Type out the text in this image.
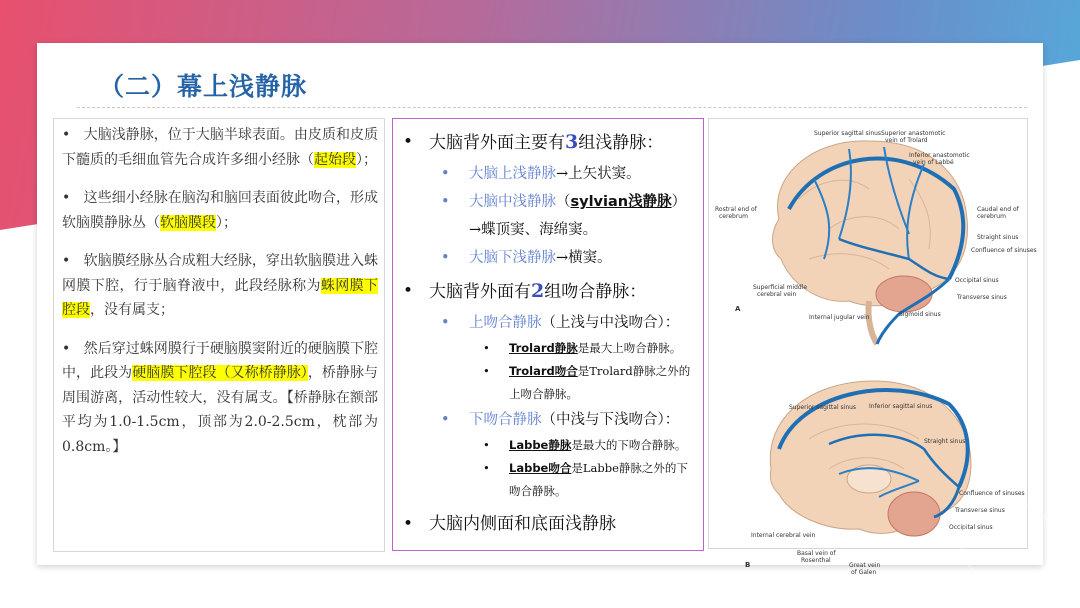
（二）幕上浅静脉

• 大脑浅静脉，位于大脑半球表面。由皮质和皮质下髓质的毛细血管先合成许多细小经脉（起始段）；

• 这些细小经脉在脑沟和脑回表面彼此吻合，形成软脑膜静脉丛（软脑膜段）；

• 软脑膜经脉丛合成粗大经脉，穿出软脑膜进入蛛网膜下腔，行于脑脊液中，此段经脉称为蛛网膜下腔段，没有属支；

• 然后穿过蛛网膜行于硬脑膜窦附近的硬脑膜下腔中，此段为硬脑膜下腔段（又称桥静脉），桥静脉与周围游离，活动性较大，没有属支。【桥静脉在额部平均为1.0-1.5cm，顶部为2.0-2.5cm，枕部为0.8cm。】

• 大脑背外面主要有3组浅静脉：
• 大脑上浅静脉→上矢状窦。
• 大脑中浅静脉（sylvian浅静脉）
→蝶顶窦、海绵窦。
• 大脑下浅静脉→横窦。
• 大脑背外面有2组吻合静脉：
• 上吻合静脉（上浅与中浅吻合）：
• Trolard静脉是最大上吻合静脉。
• Trolard吻合是Trolard静脉之外的上吻合静脉。
• 下吻合静脉（中浅与下浅吻合）：
• Labbe静脉是最大的下吻合静脉。
• Labbe吻合是Labbe静脉之外的下吻合静脉。
• 大脑内侧面和底面浅静脉
Superior sagittal sinus Superior anastomotic
vein of Trolard
Inferior anastomotic
vein of Labbé
Rostral end of
cerebrum
Caudal end of
cerebrum
Straight sinus
Confluence of sinuses
Superficial middle
cerebral vein
Occipital sinus
Transverse sinus
Internal jugular vein	Sigmoid sinus
A
Superior sagittal sinus Inferior sagittal sinus
Straight sinus
Confluence of sinuses
Transverse sinus
Occipital sinus
Internal cerebral vein
Basal vein of
Rosenthal
Great vein
of Galen
B
